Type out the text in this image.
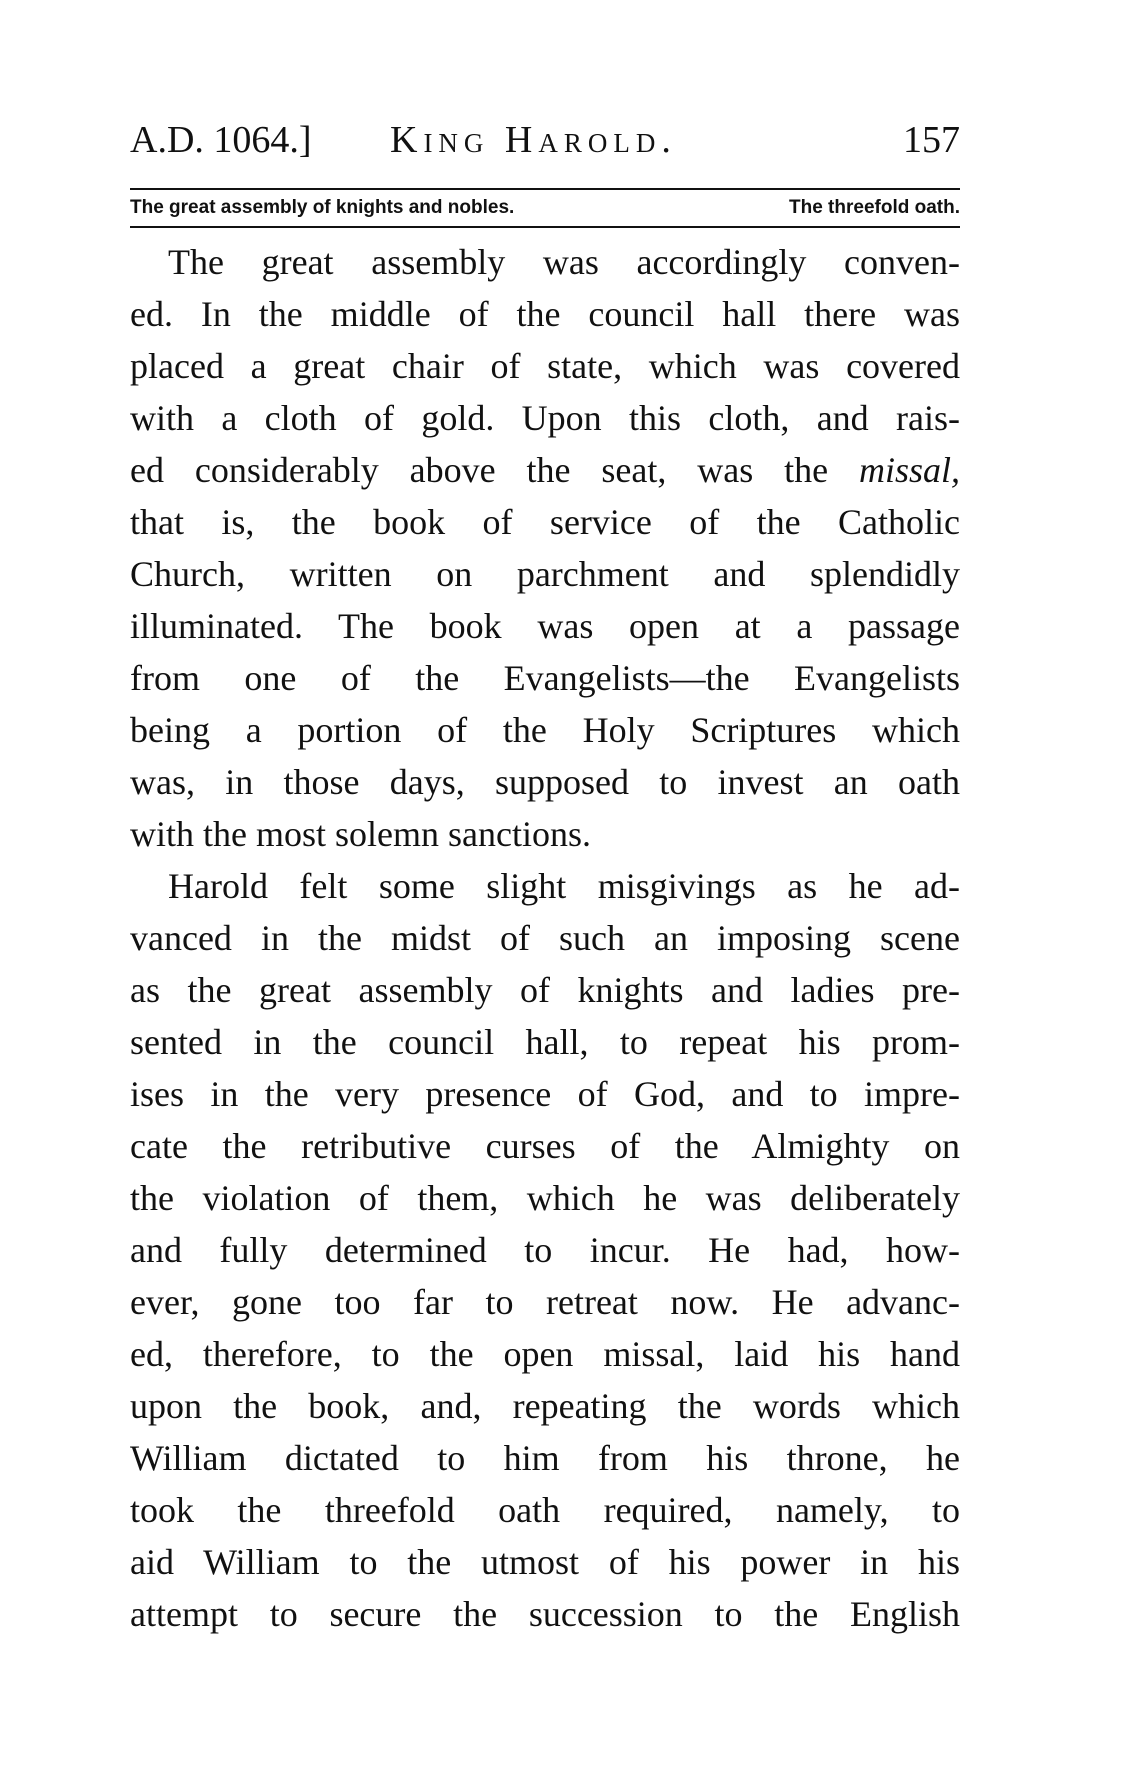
A.D. 1064.] King Harold.	157
The great assembly of knights and nobles.	The threefold oath.
The great assembly was accordingly conven-
ed. In the middle of the council hall there was
placed a great chair of state, which was covered
with a cloth of gold. Upon this cloth, and rais-
ed considerably above the seat, was the missal,
that is, the book of service of the Catholic
Church, written on parchment and splendidly
illuminated. The book was open at a passage
from one of the Evangelists—the Evangelists
being a portion of the Holy Scriptures which
was, in those days, supposed to invest an oath
with the most solemn sanctions.
Harold felt some slight misgivings as he ad-
vanced in the midst of such an imposing scene
as the great assembly of knights and ladies pre-
sented in the council hall, to repeat his prom-
ises in the very presence of God, and to impre-
cate the retributive curses of the Almighty on
the violation of them, which he was deliberately
and fully determined to incur. He had, how-
ever, gone too far to retreat now. He advanc-
ed, therefore, to the open missal, laid his hand
upon the book, and, repeating the words which
William dictated to him from his throne, he
took the threefold oath required, namely, to
aid William to the utmost of his power in his
attempt to secure the succession to the English
